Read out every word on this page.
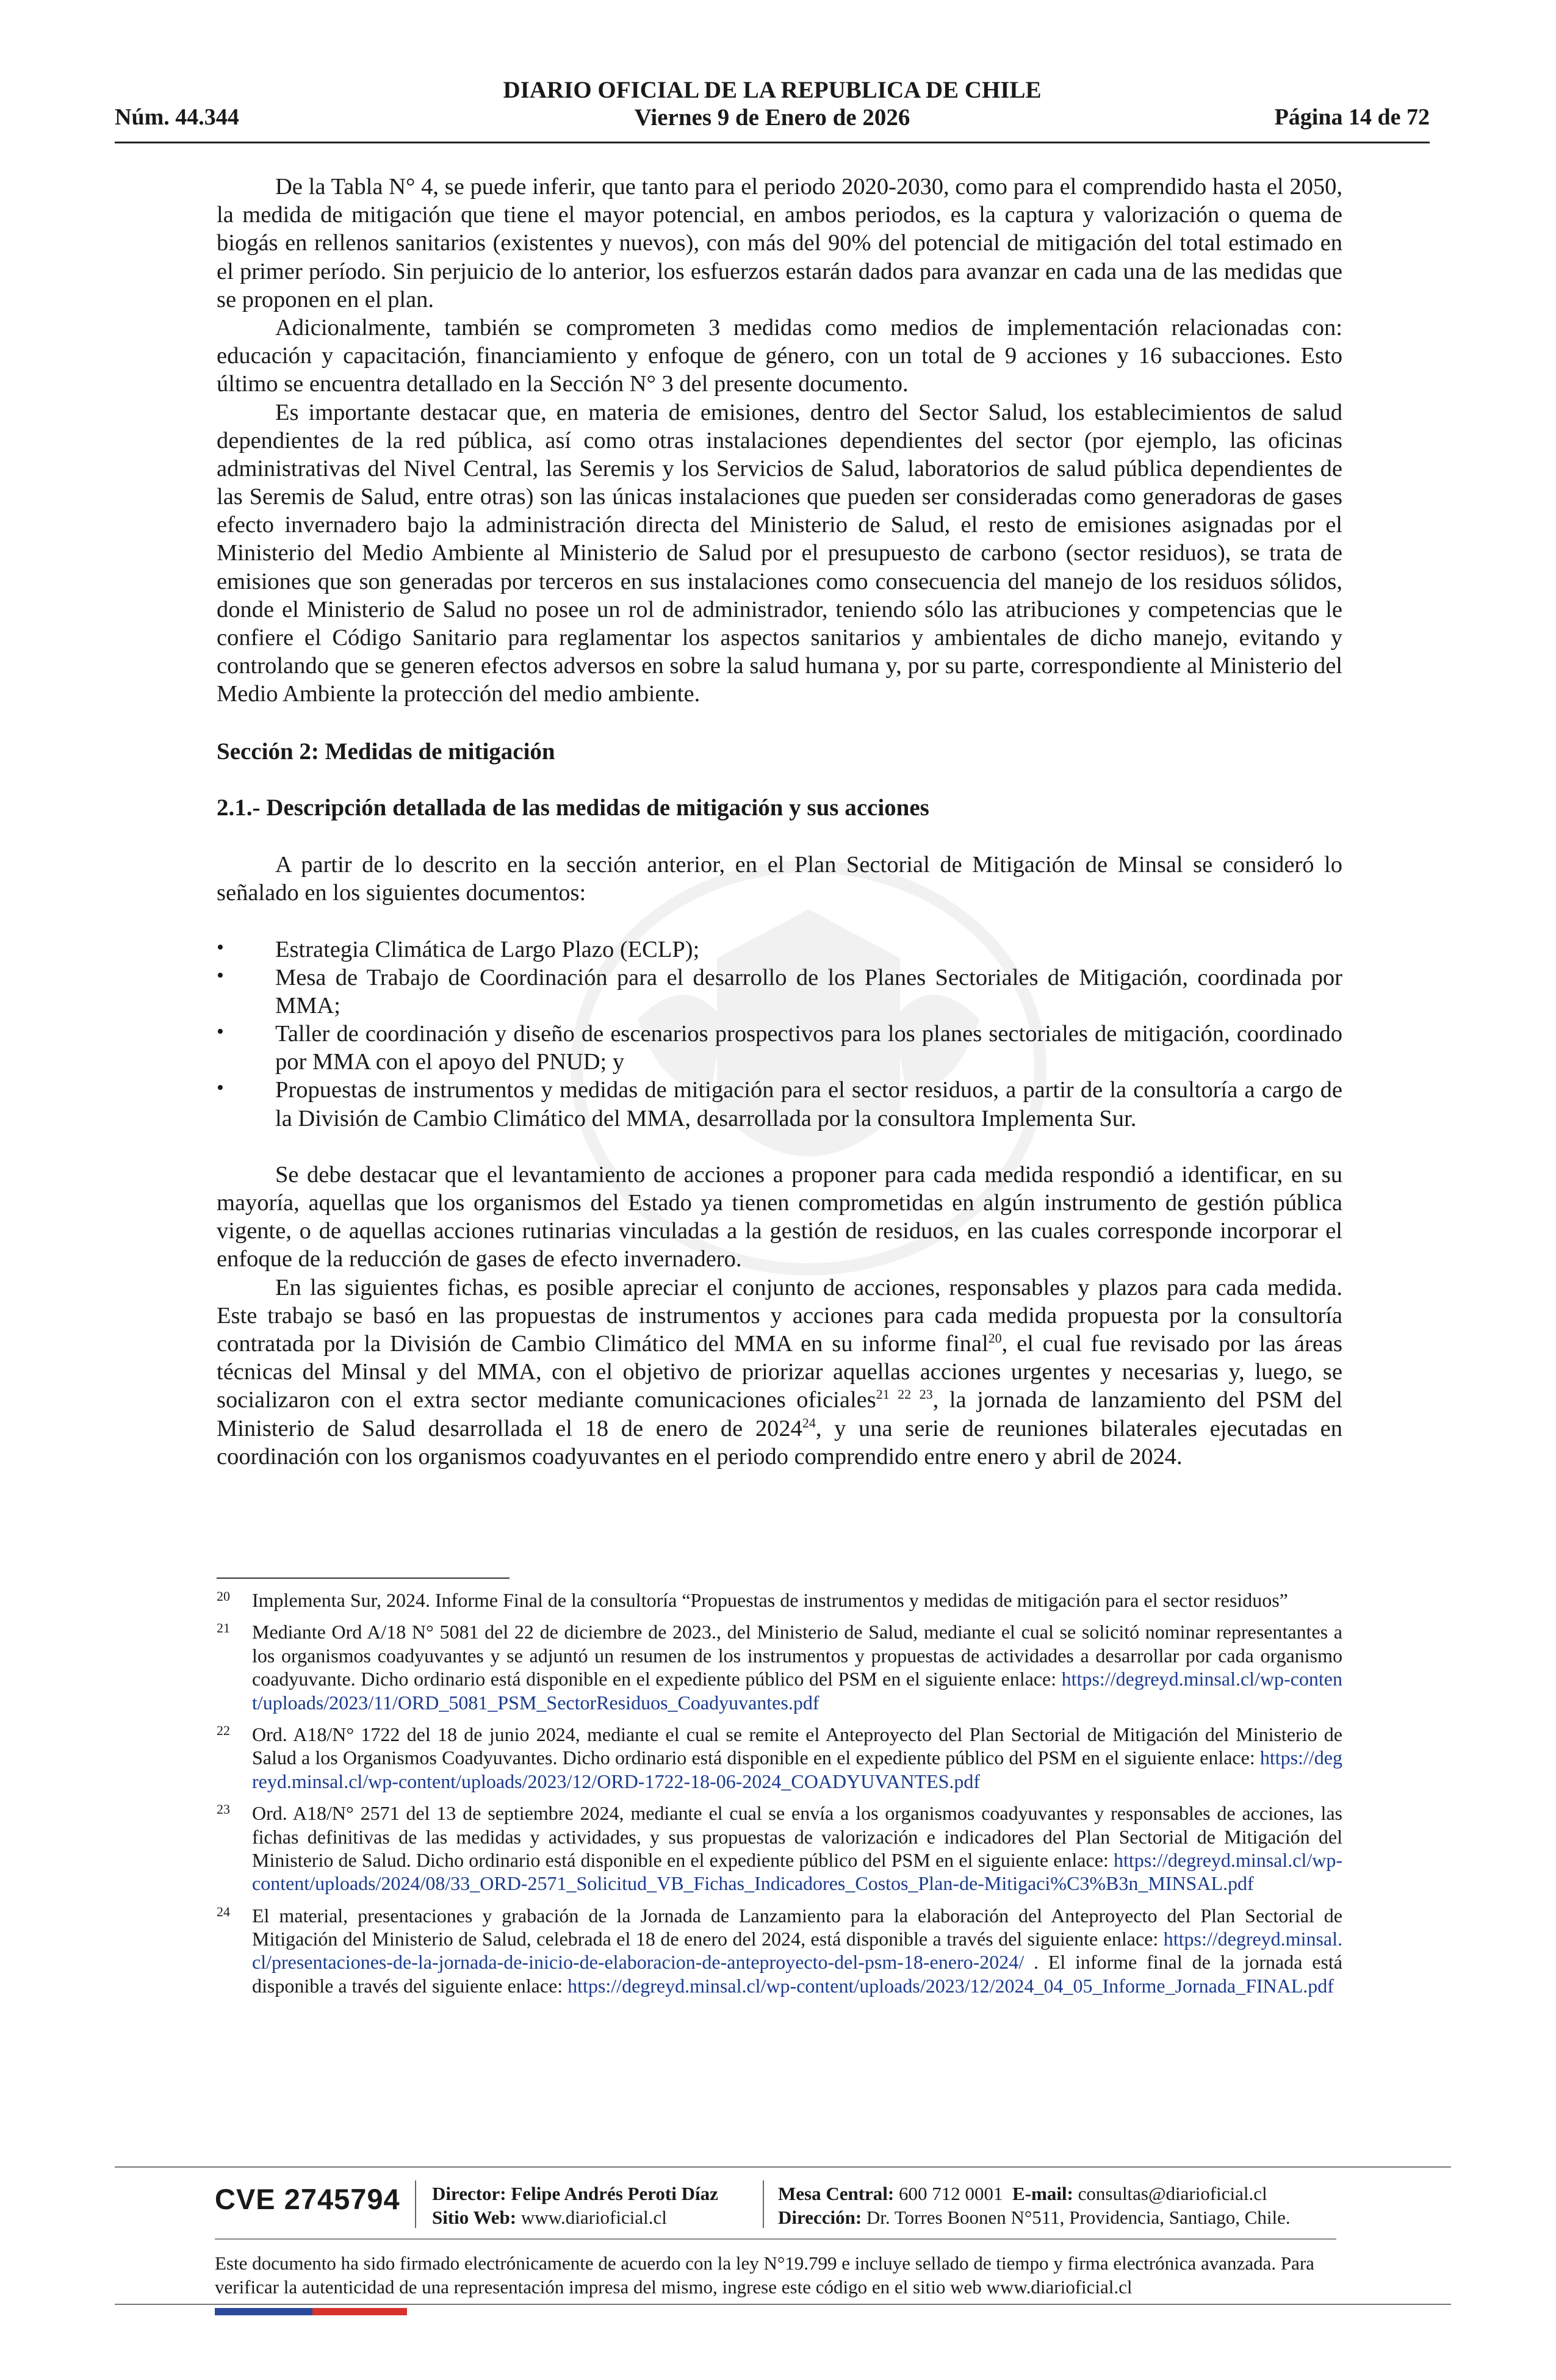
DIARIO OFICIAL DE LA REPUBLICA DE CHILE
Núm. 44.344	Viernes 9 de Enero de 2026	Página 14 de 72

De la Tabla N° 4, se puede inferir, que tanto para el periodo 2020-2030, como para el comprendido hasta el 2050, la medida de mitigación que tiene el mayor potencial, en ambos periodos, es la captura y valorización o quema de biogás en rellenos sanitarios (existentes y nuevos), con más del 90% del potencial de mitigación del total estimado en el primer período. Sin perjuicio de lo anterior, los esfuerzos estarán dados para avanzar en cada una de las medidas que se proponen en el plan.

Adicionalmente, también se comprometen 3 medidas como medios de implementación relacionadas con: educación y capacitación, financiamiento y enfoque de género, con un total de 9 acciones y 16 subacciones. Esto último se encuentra detallado en la Sección N° 3 del presente documento.

Es importante destacar que, en materia de emisiones, dentro del Sector Salud, los establecimientos de salud dependientes de la red pública, así como otras instalaciones dependientes del sector (por ejemplo, las oficinas administrativas del Nivel Central, las Seremis y los Servicios de Salud, laboratorios de salud pública dependientes de las Seremis de Salud, entre otras) son las únicas instalaciones que pueden ser consideradas como generadoras de gases efecto invernadero bajo la administración directa del Ministerio de Salud, el resto de emisiones asignadas por el Ministerio del Medio Ambiente al Ministerio de Salud por el presupuesto de carbono (sector residuos), se trata de emisiones que son generadas por terceros en sus instalaciones como consecuencia del manejo de los residuos sólidos, donde el Ministerio de Salud no posee un rol de administrador, teniendo sólo las atribuciones y competencias que le confiere el Código Sanitario para reglamentar los aspectos sanitarios y ambientales de dicho manejo, evitando y controlando que se generen efectos adversos en sobre la salud humana y, por su parte, correspondiente al Ministerio del Medio Ambiente la protección del medio ambiente.

Sección 2: Medidas de mitigación

2.1.- Descripción detallada de las medidas de mitigación y sus acciones

A partir de lo descrito en la sección anterior, en el Plan Sectorial de Mitigación de Minsal se consideró lo señalado en los siguientes documentos:

• Estrategia Climática de Largo Plazo (ECLP);
• Mesa de Trabajo de Coordinación para el desarrollo de los Planes Sectoriales de Mitigación, coordinada por MMA;
• Taller de coordinación y diseño de escenarios prospectivos para los planes sectoriales de mitigación, coordinado por MMA con el apoyo del PNUD; y
• Propuestas de instrumentos y medidas de mitigación para el sector residuos, a partir de la consultoría a cargo de la División de Cambio Climático del MMA, desarrollada por la consultora Implementa Sur.

Se debe destacar que el levantamiento de acciones a proponer para cada medida respondió a identificar, en su mayoría, aquellas que los organismos del Estado ya tienen comprometidas en algún instrumento de gestión pública vigente, o de aquellas acciones rutinarias vinculadas a la gestión de residuos, en las cuales corresponde incorporar el enfoque de la reducción de gases de efecto invernadero.

En las siguientes fichas, es posible apreciar el conjunto de acciones, responsables y plazos para cada medida. Este trabajo se basó en las propuestas de instrumentos y acciones para cada medida propuesta por la consultoría contratada por la División de Cambio Climático del MMA en su informe final$^{20}$, el cual fue revisado por las áreas técnicas del Minsal y del MMA, con el objetivo de priorizar aquellas acciones urgentes y necesarias y, luego, se socializaron con el extra sector mediante comunicaciones oficiales$^{21 22 23}$, la jornada de lanzamiento del PSM del Ministerio de Salud desarrollada el 18 de enero de 2024$^{24}$, y una serie de reuniones bilaterales ejecutadas en coordinación con los organismos coadyuvantes en el periodo comprendido entre enero y abril de 2024.

20 Implementa Sur, 2024. Informe Final de la consultoría “Propuestas de instrumentos y medidas de mitigación para el sector residuos”
21 Mediante Ord A/18 N° 5081 del 22 de diciembre de 2023., del Ministerio de Salud, mediante el cual se solicitó nominar representantes a los organismos coadyuvantes y se adjuntó un resumen de los instrumentos y propuestas de actividades a desarrollar por cada organismo coadyuvante. Dicho ordinario está disponible en el expediente público del PSM en el siguiente enlace: https://degreyd.minsal.cl/wp-content/uploads/2023/11/ORD_5081_PSM_SectorResiduos_Coadyuvantes.pdf
22 Ord. A18/N° 1722 del 18 de junio 2024, mediante el cual se remite el Anteproyecto del Plan Sectorial de Mitigación del Ministerio de Salud a los Organismos Coadyuvantes. Dicho ordinario está disponible en el expediente público del PSM en el siguiente enlace: https://degreyd.minsal.cl/wp-content/uploads/2023/12/ORD-1722-18-06-2024_COADYUVANTES.pdf
23 Ord. A18/N° 2571 del 13 de septiembre 2024, mediante el cual se envía a los organismos coadyuvantes y responsables de acciones, las fichas definitivas de las medidas y actividades, y sus propuestas de valorización e indicadores del Plan Sectorial de Mitigación del Ministerio de Salud. Dicho ordinario está disponible en el expediente público del PSM en el siguiente enlace: https://degreyd.minsal.cl/wp-content/uploads/2024/08/33_ORD-2571_Solicitud_VB_Fichas_Indicadores_Costos_Plan-de-Mitigaci%C3%B3n_MINSAL.pdf
24 El material, presentaciones y grabación de la Jornada de Lanzamiento para la elaboración del Anteproyecto del Plan Sectorial de Mitigación del Ministerio de Salud, celebrada el 18 de enero del 2024, está disponible a través del siguiente enlace: https://degreyd.minsal.cl/presentaciones-de-la-jornada-de-inicio-de-elaboracion-de-anteproyecto-del-psm-18-enero-2024/ . El informe final de la jornada está disponible a través del siguiente enlace: https://degreyd.minsal.cl/wp-content/uploads/2023/12/2024_04_05_Informe_Jornada_FINAL.pdf
CVE 2745794 Director: Felipe Andrés Peroti Díaz
Sitio Web: www.diarioficial.cl
Mesa Central: 600 712 0001 E-mail: consultas@diarioficial.cl
Dirección: Dr. Torres Boonen N°511, Providencia, Santiago, Chile.
Este documento ha sido firmado electrónicamente de acuerdo con la ley N°19.799 e incluye sellado de tiempo y firma electrónica avanzada. Para verificar la autenticidad de una representación impresa del mismo, ingrese este código en el sitio web www.diarioficial.cl
